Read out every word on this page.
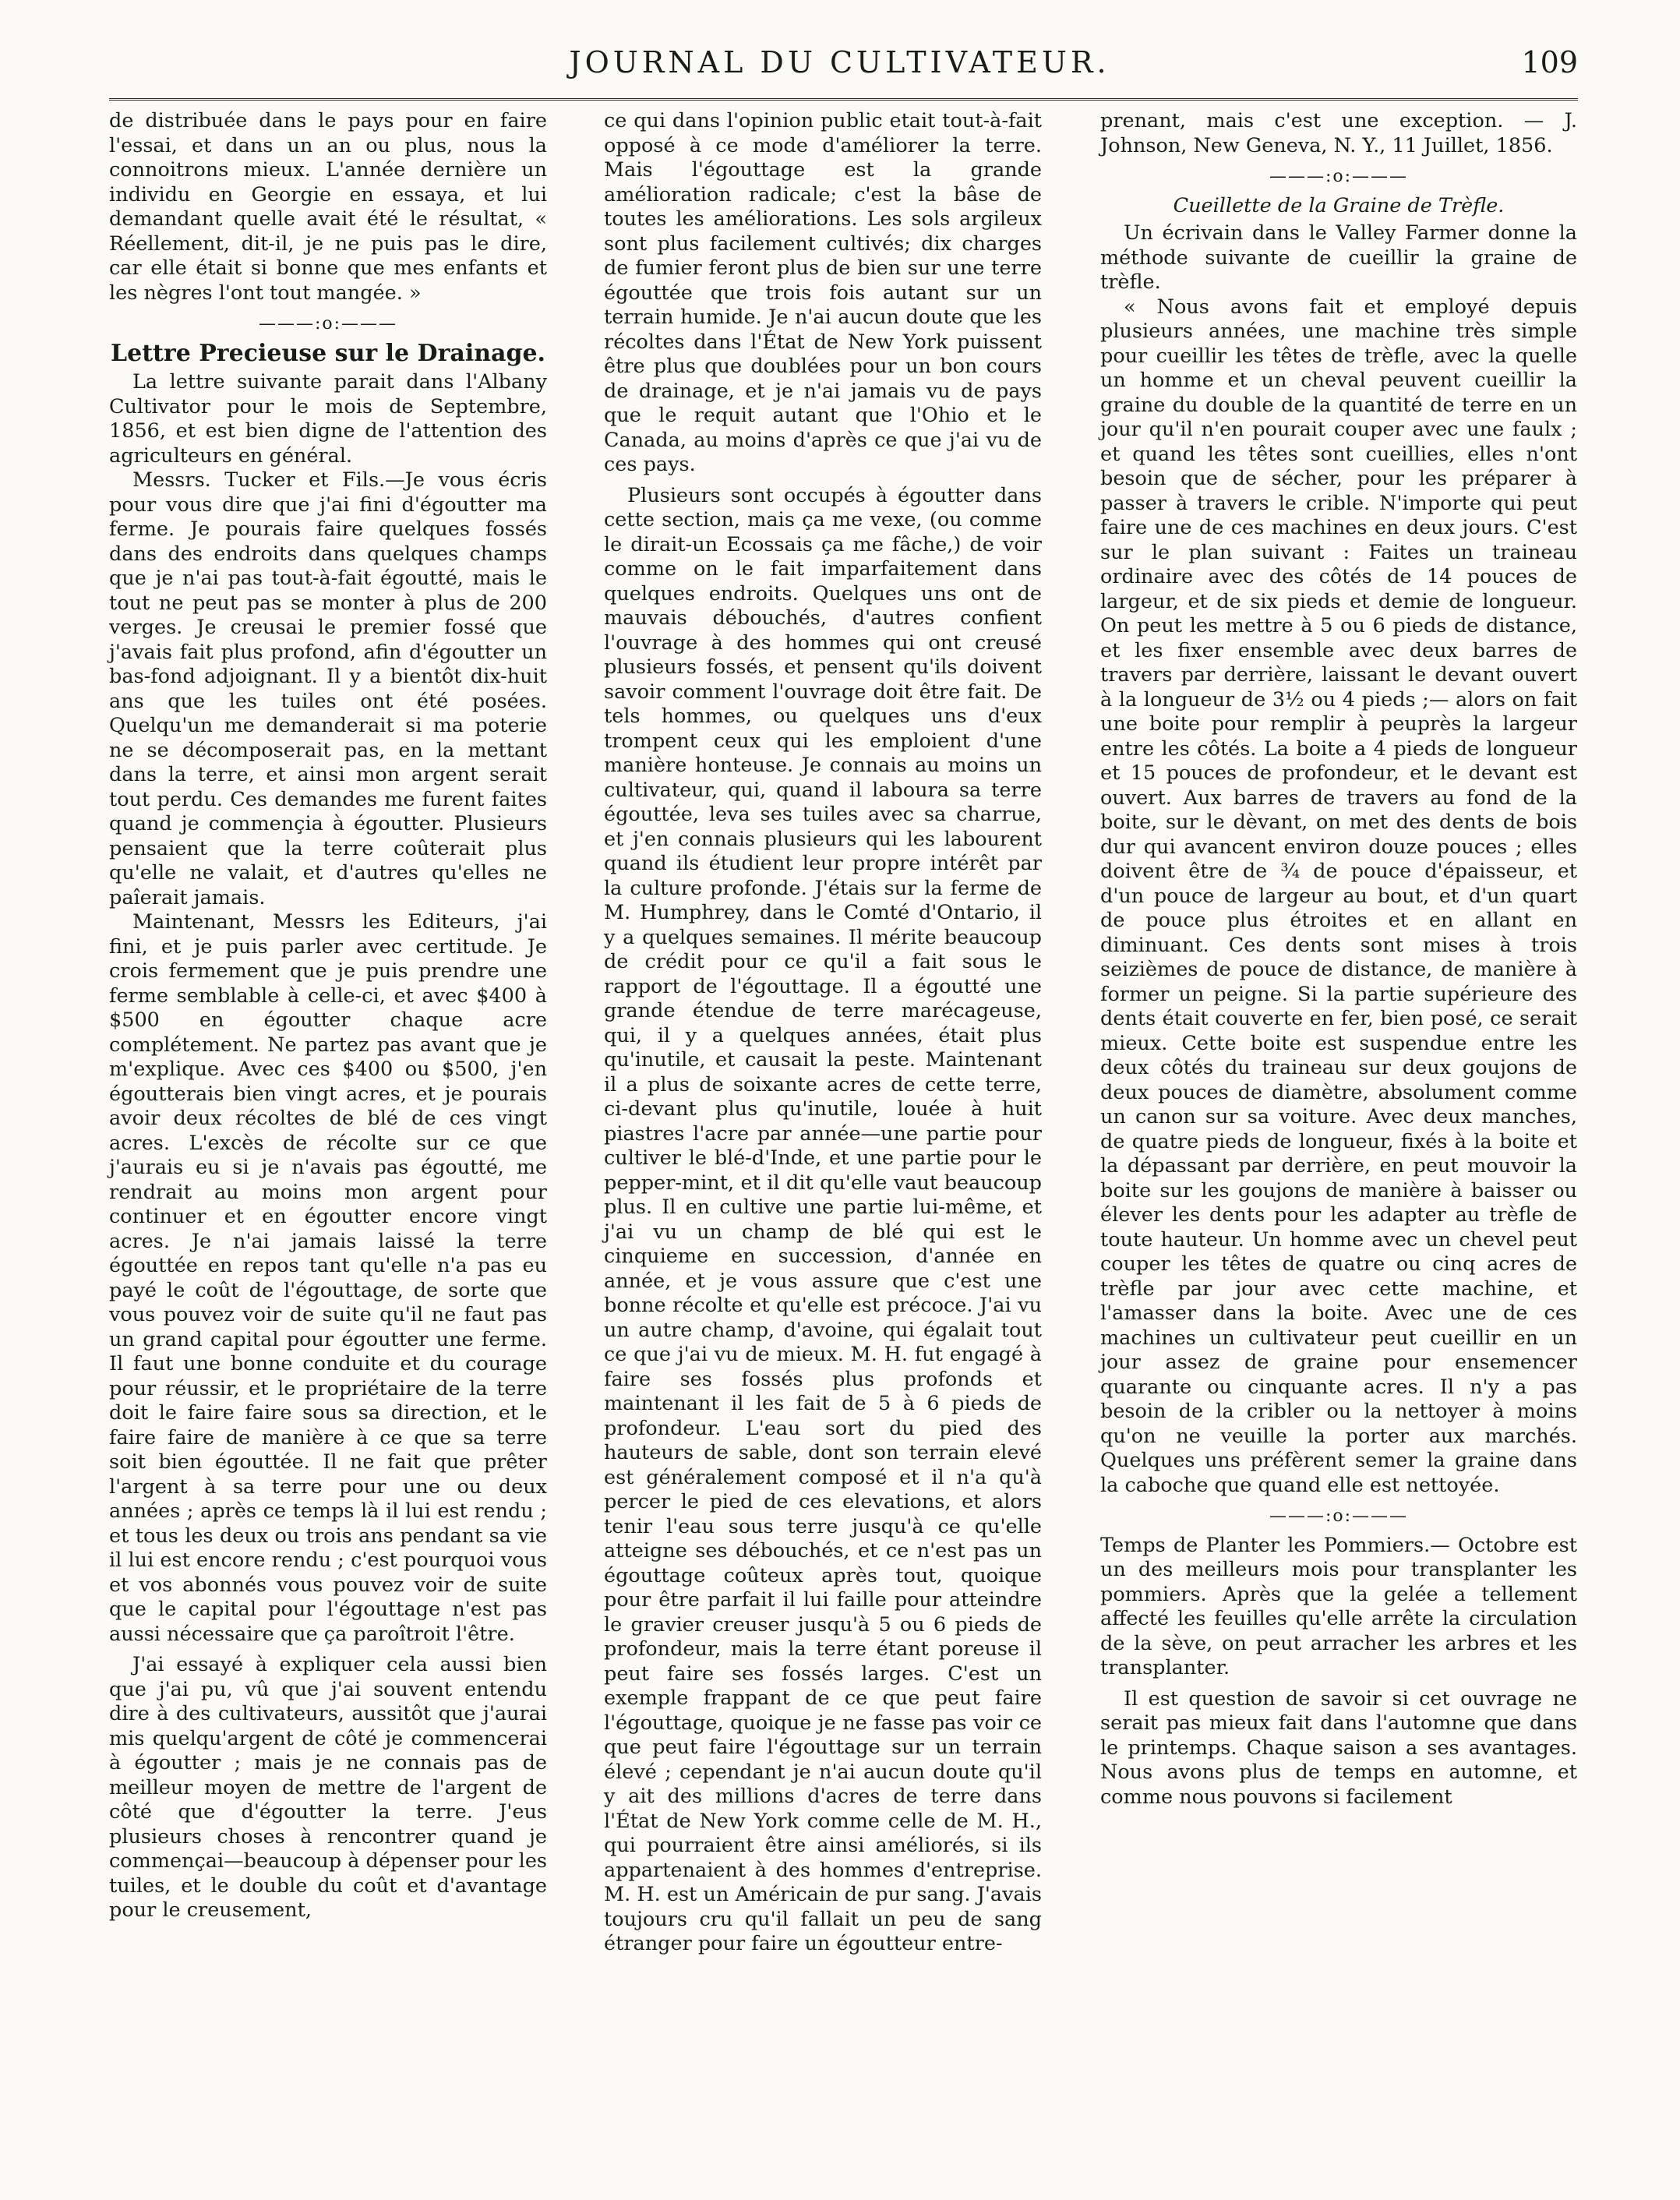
JOURNAL DU CULTIVATEUR.	109

de distribuée dans le pays pour en faire l'essai, et dans un an ou plus, nous la connoitrons mieux. L'année dernière un individu en Georgie en essaya, et lui demandant quelle avait été le résultat, « Réellement, dit-il, je ne puis pas le dire, car elle était si bonne que mes enfants et les nègres l'ont tout mangée. »

———:o:———
Lettre Precieuse sur le Drainage.

La lettre suivante parait dans l'Albany Cultivator pour le mois de Septembre, 1856, et est bien digne de l'attention des agriculteurs en général.

Messrs. Tucker et Fils.—Je vous écris pour vous dire que j'ai fini d'égoutter ma ferme. Je pourais faire quelques fossés dans des endroits dans quelques champs que je n'ai pas tout-à-fait égoutté, mais le tout ne peut pas se monter à plus de 200 verges. Je creusai le premier fossé que j'avais fait plus profond, afin d'égoutter un bas-fond adjoignant. Il y a bientôt dix-huit ans que les tuiles ont été posées. Quelqu'un me demanderait si ma poterie ne se décomposerait pas, en la mettant dans la terre, et ainsi mon argent serait tout perdu. Ces demandes me furent faites quand je commençia à égoutter. Plusieurs pensaient que la terre coûterait plus qu'elle ne valait, et d'autres qu'elles ne paîerait jamais.

Maintenant, Messrs les Editeurs, j'ai fini, et je puis parler avec certitude. Je crois fermement que je puis prendre une ferme semblable à celle-ci, et avec $400 à $500 en égoutter chaque acre complétement. Ne partez pas avant que je m'explique. Avec ces $400 ou $500, j'en égoutterais bien vingt acres, et je pourais avoir deux récoltes de blé de ces vingt acres. L'excès de récolte sur ce que j'aurais eu si je n'avais pas égoutté, me rendrait au moins mon argent pour continuer et en égoutter encore vingt acres. Je n'ai jamais laissé la terre égouttée en repos tant qu'elle n'a pas eu payé le coût de l'égouttage, de sorte que vous pouvez voir de suite qu'il ne faut pas un grand capital pour égoutter une ferme. Il faut une bonne conduite et du courage pour réussir, et le propriétaire de la terre doit le faire faire sous sa direction, et le faire faire de manière à ce que sa terre soit bien égouttée. Il ne fait que prêter l'argent à sa terre pour une ou deux années ; après ce temps là il lui est rendu ; et tous les deux ou trois ans pendant sa vie il lui est encore rendu ; c'est pourquoi vous et vos abonnés vous pouvez voir de suite que le capital pour l'égouttage n'est pas aussi nécessaire que ça paroîtroit l'être.

J'ai essayé à expliquer cela aussi bien que j'ai pu, vû que j'ai souvent entendu dire à des cultivateurs, aussitôt que j'aurai mis quelqu'argent de côté je commencerai à égoutter ; mais je ne connais pas de meilleur moyen de mettre de l'argent de côté que d'égoutter la terre. J'eus plusieurs choses à rencontrer quand je commençai—beaucoup à dépenser pour les tuiles, et le double du coût et d'avantage pour le creusement,

ce qui dans l'opinion public etait tout-à-fait opposé à ce mode d'améliorer la terre. Mais l'égouttage est la grande amélioration radicale; c'est la bâse de toutes les améliorations. Les sols argileux sont plus facilement cultivés; dix charges de fumier feront plus de bien sur une terre égouttée que trois fois autant sur un terrain humide. Je n'ai aucun doute que les récoltes dans l'État de New York puissent être plus que doublées pour un bon cours de drainage, et je n'ai jamais vu de pays que le requit autant que l'Ohio et le Canada, au moins d'après ce que j'ai vu de ces pays.

Plusieurs sont occupés à égoutter dans cette section, mais ça me vexe, (ou comme le dirait-un Ecossais ça me fâche,) de voir comme on le fait imparfaitement dans quelques endroits. Quelques uns ont de mauvais débouchés, d'autres confient l'ouvrage à des hommes qui ont creusé plusieurs fossés, et pensent qu'ils doivent savoir comment l'ouvrage doit être fait. De tels hommes, ou quelques uns d'eux trompent ceux qui les emploient d'une manière honteuse. Je connais au moins un cultivateur, qui, quand il laboura sa terre égouttée, leva ses tuiles avec sa charrue, et j'en connais plusieurs qui les labourent quand ils étudient leur propre intérêt par la culture profonde. J'étais sur la ferme de M. Humphrey, dans le Comté d'Ontario, il y a quelques semaines. Il mérite beaucoup de crédit pour ce qu'il a fait sous le rapport de l'égouttage. Il a égoutté une grande étendue de terre marécageuse, qui, il y a quelques années, était plus qu'inutile, et causait la peste. Maintenant il a plus de soixante acres de cette terre, ci-devant plus qu'inutile, louée à huit piastres l'acre par année—une partie pour cultiver le blé-d'Inde, et une partie pour le pepper-mint, et il dit qu'elle vaut beaucoup plus. Il en cultive une partie lui-même, et j'ai vu un champ de blé qui est le cinquieme en succession, d'année en année, et je vous assure que c'est une bonne récolte et qu'elle est précoce. J'ai vu un autre champ, d'avoine, qui égalait tout ce que j'ai vu de mieux. M. H. fut engagé à faire ses fossés plus profonds et maintenant il les fait de 5 à 6 pieds de profondeur. L'eau sort du pied des hauteurs de sable, dont son terrain elevé est généralement composé et il n'a qu'à percer le pied de ces elevations, et alors tenir l'eau sous terre jusqu'à ce qu'elle atteigne ses débouchés, et ce n'est pas un égouttage coûteux après tout, quoique pour être parfait il lui faille pour atteindre le gravier creuser jusqu'à 5 ou 6 pieds de profondeur, mais la terre étant poreuse il peut faire ses fossés larges. C'est un exemple frappant de ce que peut faire l'égouttage, quoique je ne fasse pas voir ce que peut faire l'égouttage sur un terrain élevé ; cependant je n'ai aucun doute qu'il y ait des millions d'acres de terre dans l'État de New York comme celle de M. H., qui pourraient être ainsi améliorés, si ils appartenaient à des hommes d'entreprise. M. H. est un Américain de pur sang. J'avais toujours cru qu'il fallait un peu de sang étranger pour faire un égoutteur entre-

prenant, mais c'est une exception. — J. Johnson, New Geneva, N. Y., 11 Juillet, 1856.

———:o:———
Cueillette de la Graine de Trèfle.

Un écrivain dans le Valley Farmer donne la méthode suivante de cueillir la graine de trèfle.

« Nous avons fait et employé depuis plusieurs années, une machine très simple pour cueillir les têtes de trèfle, avec la quelle un homme et un cheval peuvent cueillir la graine du double de la quantité de terre en un jour qu'il n'en pourait couper avec une faulx ; et quand les têtes sont cueillies, elles n'ont besoin que de sécher, pour les préparer à passer à travers le crible. N'importe qui peut faire une de ces machines en deux jours. C'est sur le plan suivant : Faites un traineau ordinaire avec des côtés de 14 pouces de largeur, et de six pieds et demie de longueur. On peut les mettre à 5 ou 6 pieds de distance, et les fixer ensemble avec deux barres de travers par derrière, laissant le devant ouvert à la longueur de 3½ ou 4 pieds ;— alors on fait une boite pour remplir à peuprès la largeur entre les côtés. La boite a 4 pieds de longueur et 15 pouces de profondeur, et le devant est ouvert. Aux barres de travers au fond de la boite, sur le dèvant, on met des dents de bois dur qui avancent environ douze pouces ; elles doivent être de ¾ de pouce d'épaisseur, et d'un pouce de largeur au bout, et d'un quart de pouce plus étroites et en allant en diminuant. Ces dents sont mises à trois seizièmes de pouce de distance, de manière à former un peigne. Si la partie supérieure des dents était couverte en fer, bien posé, ce serait mieux. Cette boite est suspendue entre les deux côtés du traineau sur deux goujons de deux pouces de diamètre, absolument comme un canon sur sa voiture. Avec deux manches, de quatre pieds de longueur, fixés à la boite et la dépassant par derrière, en peut mouvoir la boite sur les goujons de manière à baisser ou élever les dents pour les adapter au trèfle de toute hauteur. Un homme avec un chevel peut couper les têtes de quatre ou cinq acres de trèfle par jour avec cette machine, et l'amasser dans la boite. Avec une de ces machines un cultivateur peut cueillir en un jour assez de graine pour ensemencer quarante ou cinquante acres. Il n'y a pas besoin de la cribler ou la nettoyer à moins qu'on ne veuille la porter aux marchés. Quelques uns préfèrent semer la graine dans la caboche que quand elle est nettoyée.

———:o:———

Temps de Planter les Pommiers.— Octobre est un des meilleurs mois pour transplanter les pommiers. Après que la gelée a tellement affecté les feuilles qu'elle arrête la circulation de la sève, on peut arracher les arbres et les transplanter.

Il est question de savoir si cet ouvrage ne serait pas mieux fait dans l'automne que dans le printemps. Chaque saison a ses avantages. Nous avons plus de temps en automne, et comme nous pouvons si facilement
